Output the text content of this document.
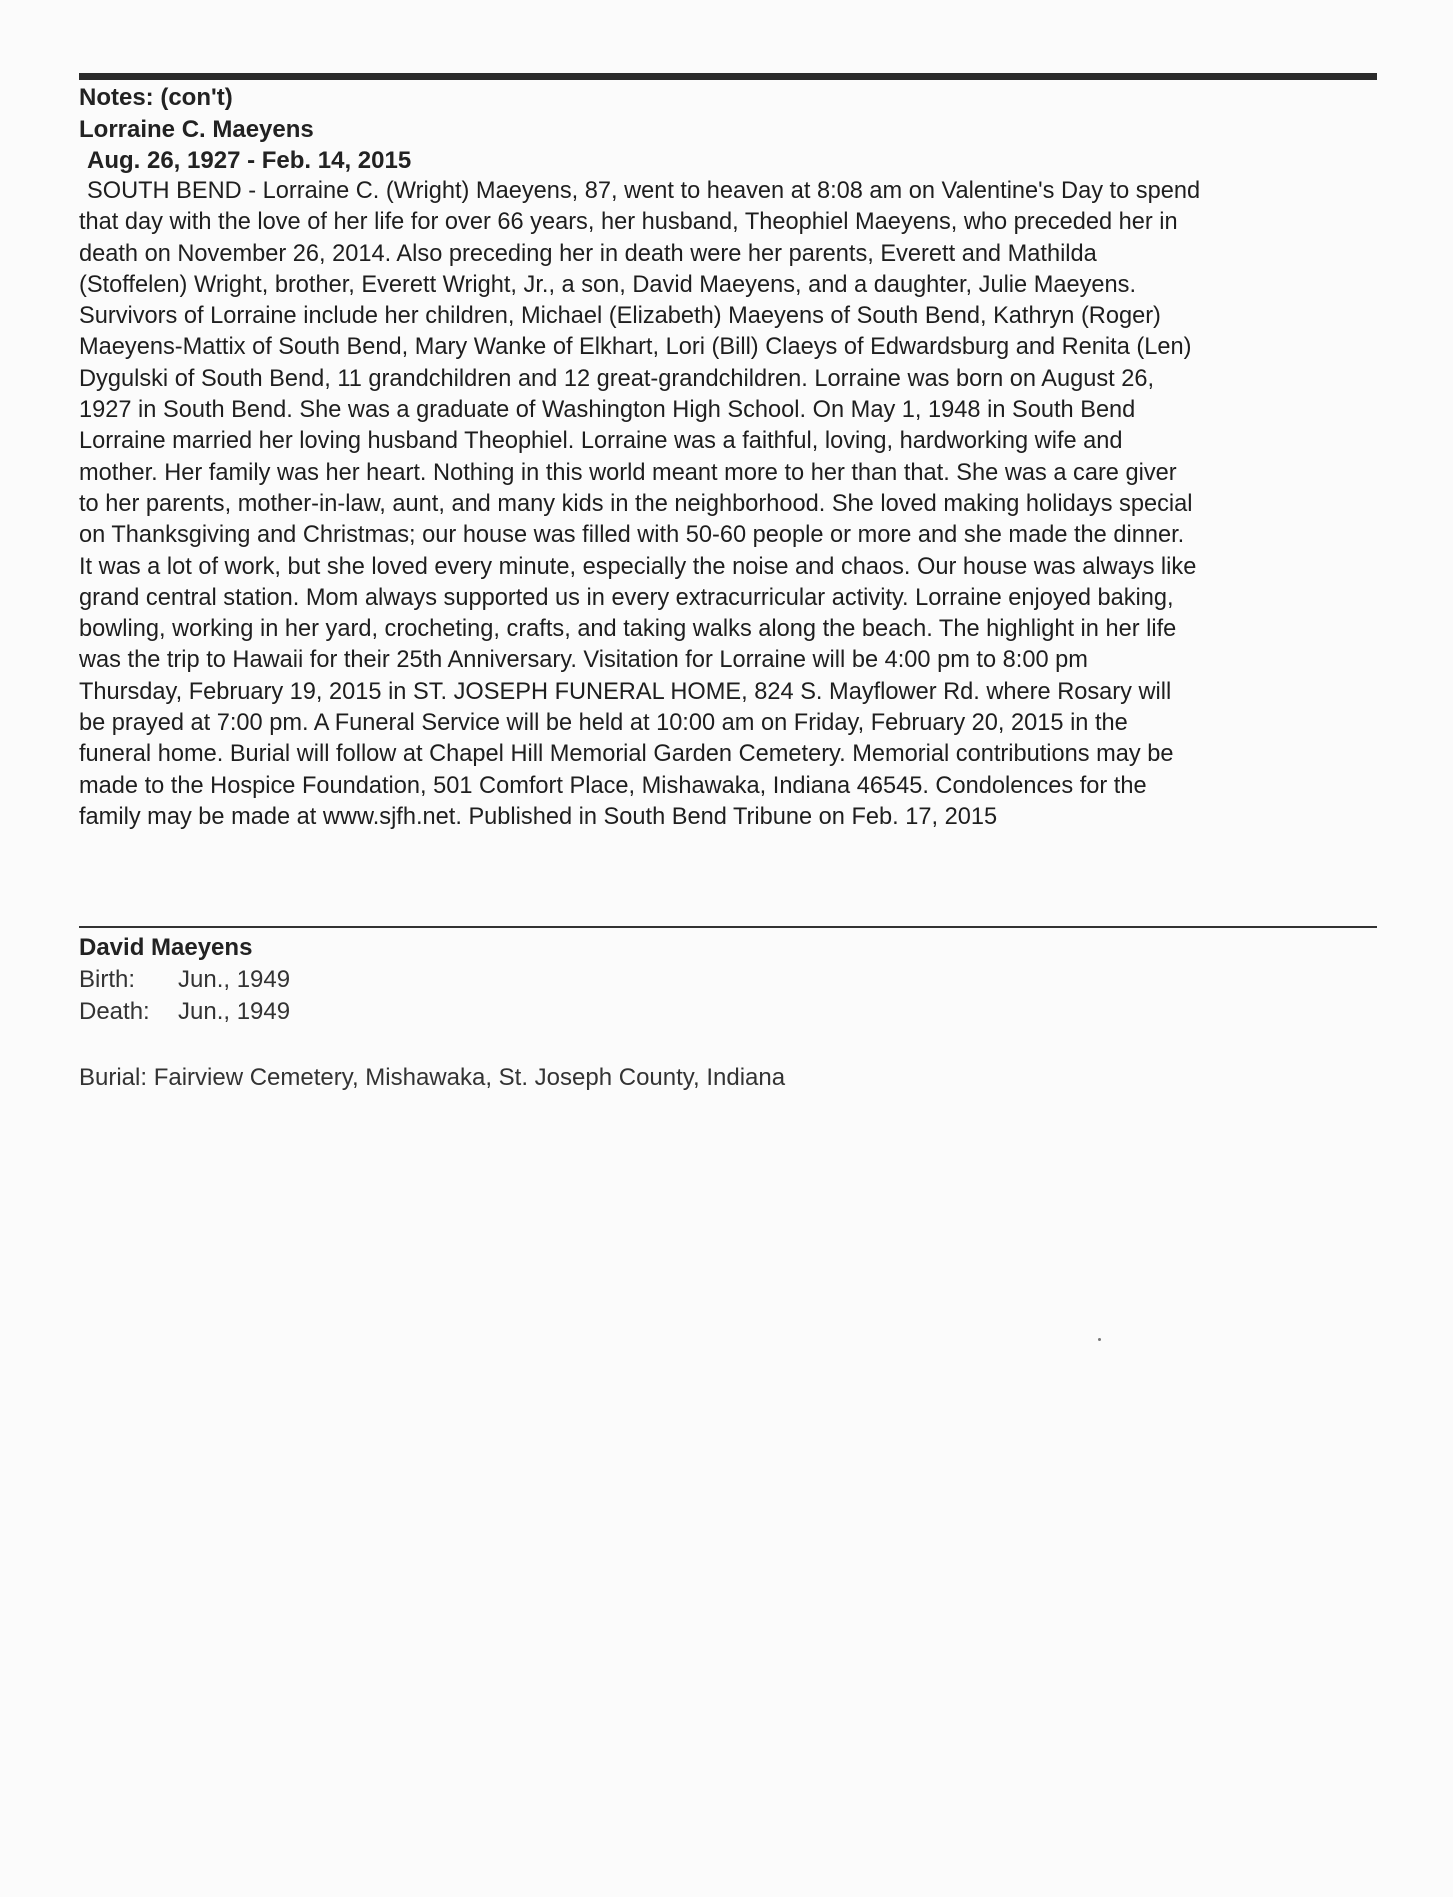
Notes: (con't)

Lorraine C. Maeyens

Aug. 26, 1927 - Feb. 14, 2015

SOUTH BEND - Lorraine C. (Wright) Maeyens, 87, went to heaven at 8:08 am on Valentine's Day to spend
that day with the love of her life for over 66 years, her husband, Theophiel Maeyens, who preceded her in
death on November 26, 2014. Also preceding her in death were her parents, Everett and Mathilda
(Stoffelen) Wright, brother, Everett Wright, Jr., a son, David Maeyens, and a daughter, Julie Maeyens.
Survivors of Lorraine include her children, Michael (Elizabeth) Maeyens of South Bend, Kathryn (Roger)
Maeyens-Mattix of South Bend, Mary Wanke of Elkhart, Lori (Bill) Claeys of Edwardsburg and Renita (Len)
Dygulski of South Bend, 11 grandchildren and 12 great-grandchildren. Lorraine was born on August 26,
1927 in South Bend. She was a graduate of Washington High School. On May 1, 1948 in South Bend
Lorraine married her loving husband Theophiel. Lorraine was a faithful, loving, hardworking wife and
mother. Her family was her heart. Nothing in this world meant more to her than that. She was a care giver
to her parents, mother-in-law, aunt, and many kids in the neighborhood. She loved making holidays special
on Thanksgiving and Christmas; our house was filled with 50-60 people or more and she made the dinner.
It was a lot of work, but she loved every minute, especially the noise and chaos. Our house was always like
grand central station. Mom always supported us in every extracurricular activity. Lorraine enjoyed baking,
bowling, working in her yard, crocheting, crafts, and taking walks along the beach. The highlight in her life
was the trip to Hawaii for their 25th Anniversary. Visitation for Lorraine will be 4:00 pm to 8:00 pm
Thursday, February 19, 2015 in ST. JOSEPH FUNERAL HOME, 824 S. Mayflower Rd. where Rosary will
be prayed at 7:00 pm. A Funeral Service will be held at 10:00 am on Friday, February 20, 2015 in the
funeral home. Burial will follow at Chapel Hill Memorial Garden Cemetery. Memorial contributions may be
made to the Hospice Foundation, 501 Comfort Place, Mishawaka, Indiana 46545. Condolences for the
family may be made at www.sjfh.net. Published in South Bend Tribune on Feb. 17, 2015

David Maeyens

Birth:	Jun., 1949

Death:	Jun., 1949

Burial: Fairview Cemetery, Mishawaka, St. Joseph County, Indiana
